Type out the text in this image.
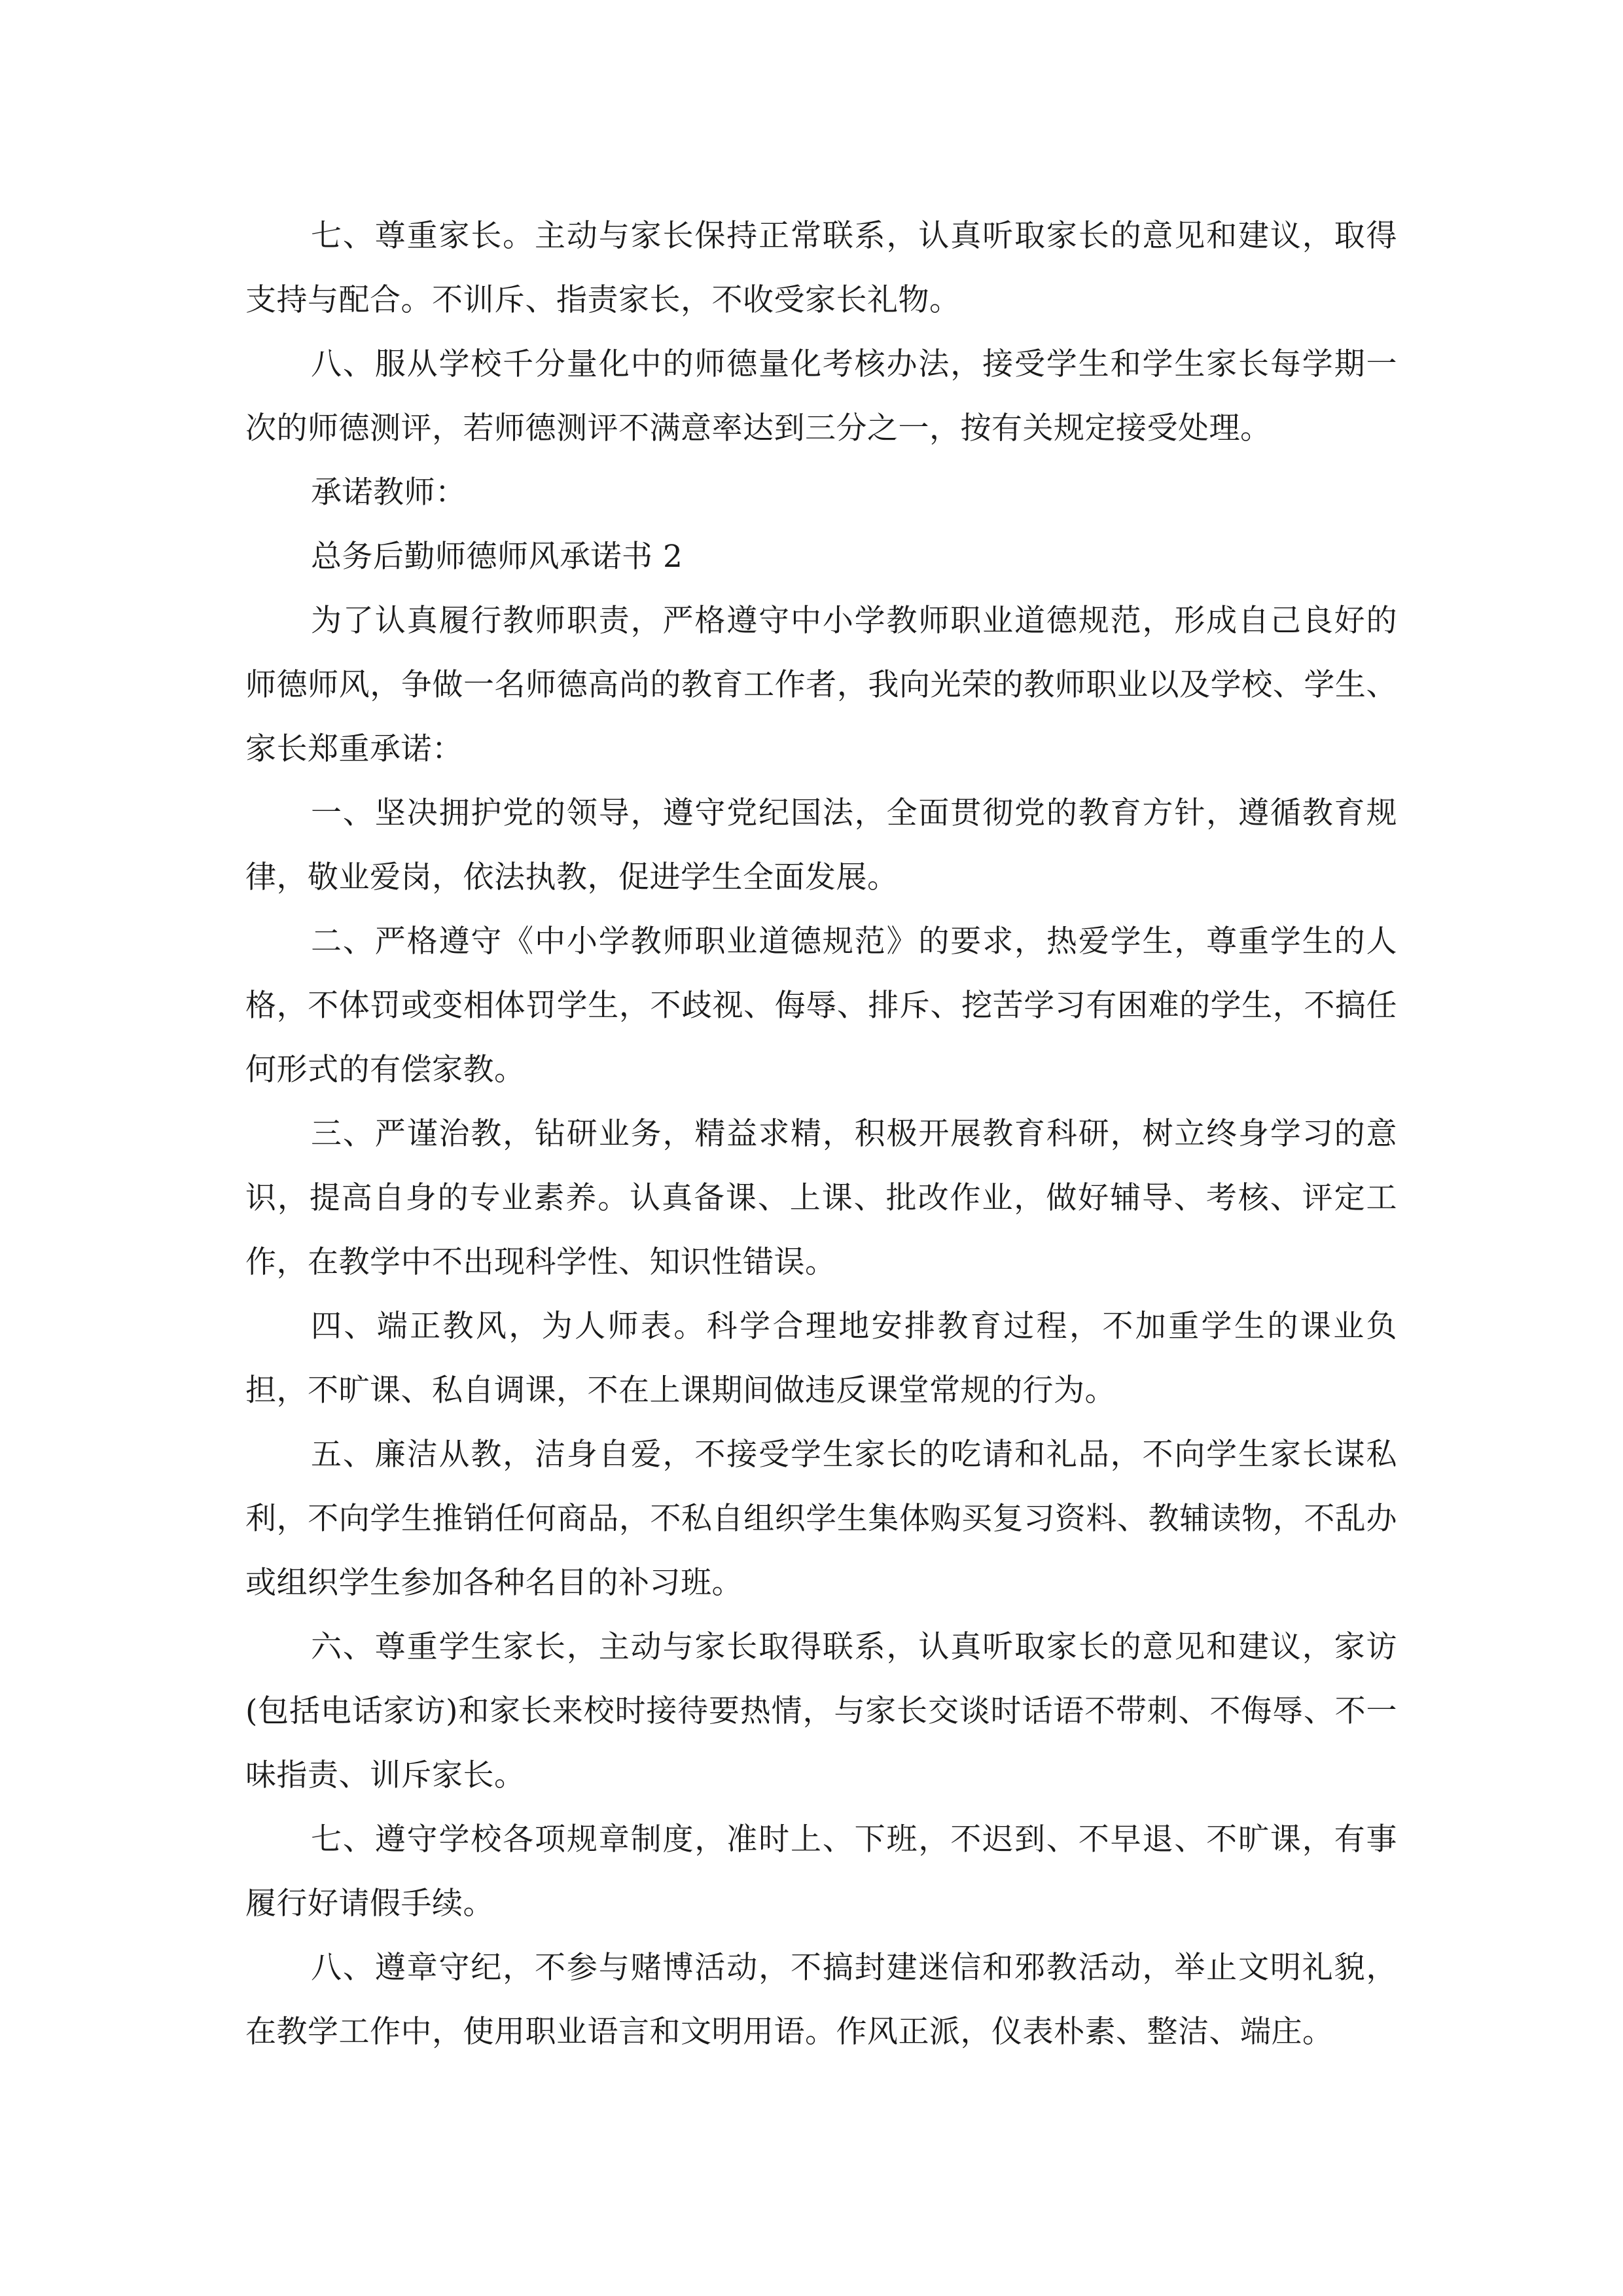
七、尊重家长。主动与家长保持正常联系，认真听取家长的意见和建议，取得支持与配合。不训斥、指责家长，不收受家长礼物。

八、服从学校千分量化中的师德量化考核办法，接受学生和学生家长每学期一次的师德测评，若师德测评不满意率达到三分之一，按有关规定接受处理。

承诺教师：

总务后勤师德师风承诺书 2

为了认真履行教师职责，严格遵守中小学教师职业道德规范，形成自己良好的师德师风，争做一名师德高尚的教育工作者，我向光荣的教师职业以及学校、学生、家长郑重承诺：

一、坚决拥护党的领导，遵守党纪国法，全面贯彻党的教育方针，遵循教育规律，敬业爱岗，依法执教，促进学生全面发展。

二、严格遵守《中小学教师职业道德规范》的要求，热爱学生，尊重学生的人格，不体罚或变相体罚学生，不歧视、侮辱、排斥、挖苦学习有困难的学生，不搞任何形式的有偿家教。

三、严谨治教，钻研业务，精益求精，积极开展教育科研，树立终身学习的意识，提高自身的专业素养。认真备课、上课、批改作业，做好辅导、考核、评定工作，在教学中不出现科学性、知识性错误。

四、端正教风，为人师表。科学合理地安排教育过程，不加重学生的课业负担，不旷课、私自调课，不在上课期间做违反课堂常规的行为。

五、廉洁从教，洁身自爱，不接受学生家长的吃请和礼品，不向学生家长谋私利，不向学生推销任何商品，不私自组织学生集体购买复习资料、教辅读物，不乱办或组织学生参加各种名目的补习班。

六、尊重学生家长，主动与家长取得联系，认真听取家长的意见和建议，家访(包括电话家访)和家长来校时接待要热情，与家长交谈时话语不带刺、不侮辱、不一味指责、训斥家长。

七、遵守学校各项规章制度，准时上、下班，不迟到、不早退、不旷课，有事履行好请假手续。

八、遵章守纪，不参与赌博活动，不搞封建迷信和邪教活动，举止文明礼貌，在教学工作中，使用职业语言和文明用语。作风正派，仪表朴素、整洁、端庄。
